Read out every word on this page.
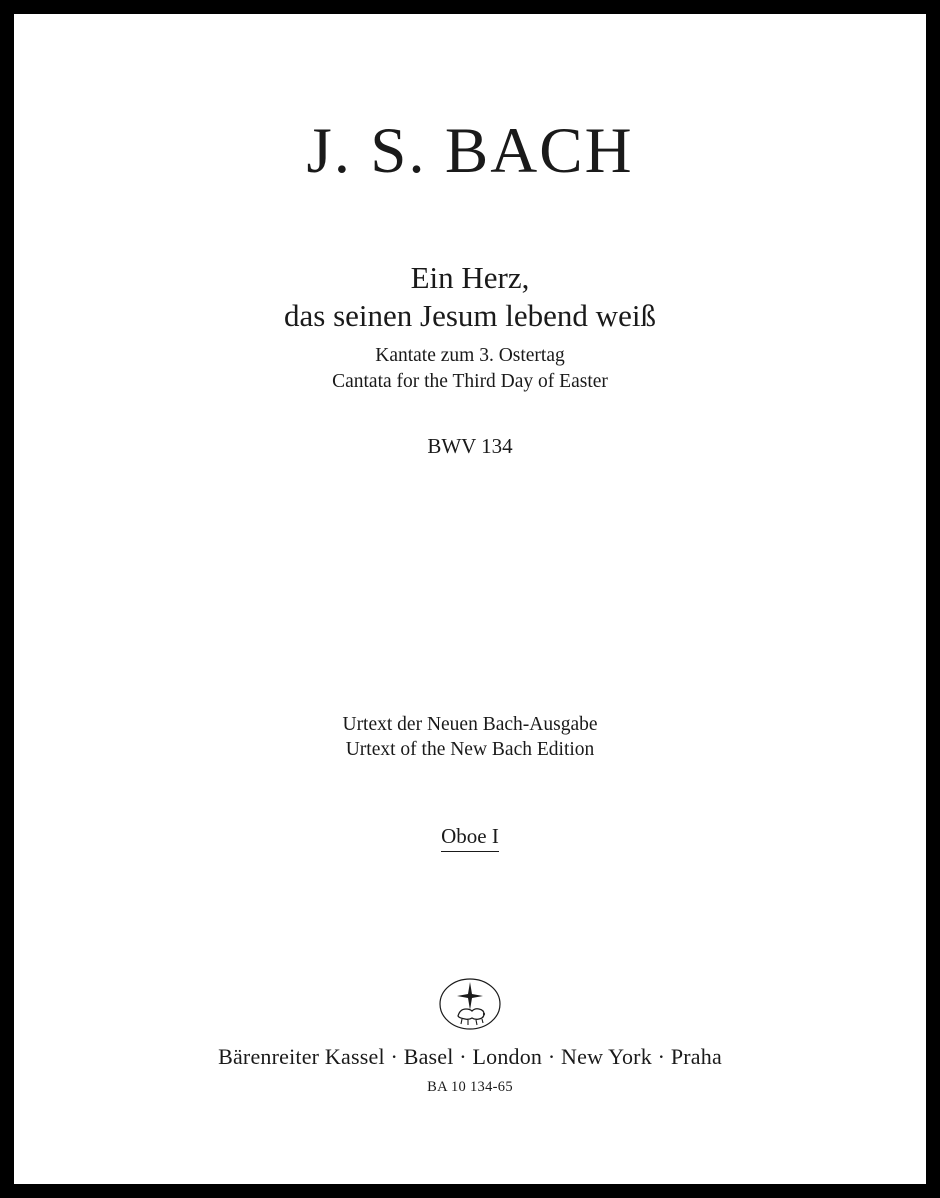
J. S. BACH
Ein Herz,
das seinen Jesum lebend weiß
Kantate zum 3. Ostertag
Cantata for the Third Day of Easter
BWV 134
Urtext der Neuen Bach-Ausgabe
Urtext of the New Bach Edition
Oboe I
Bärenreiter Kassel · Basel · London · New York · Praha
BA 10 134-65
